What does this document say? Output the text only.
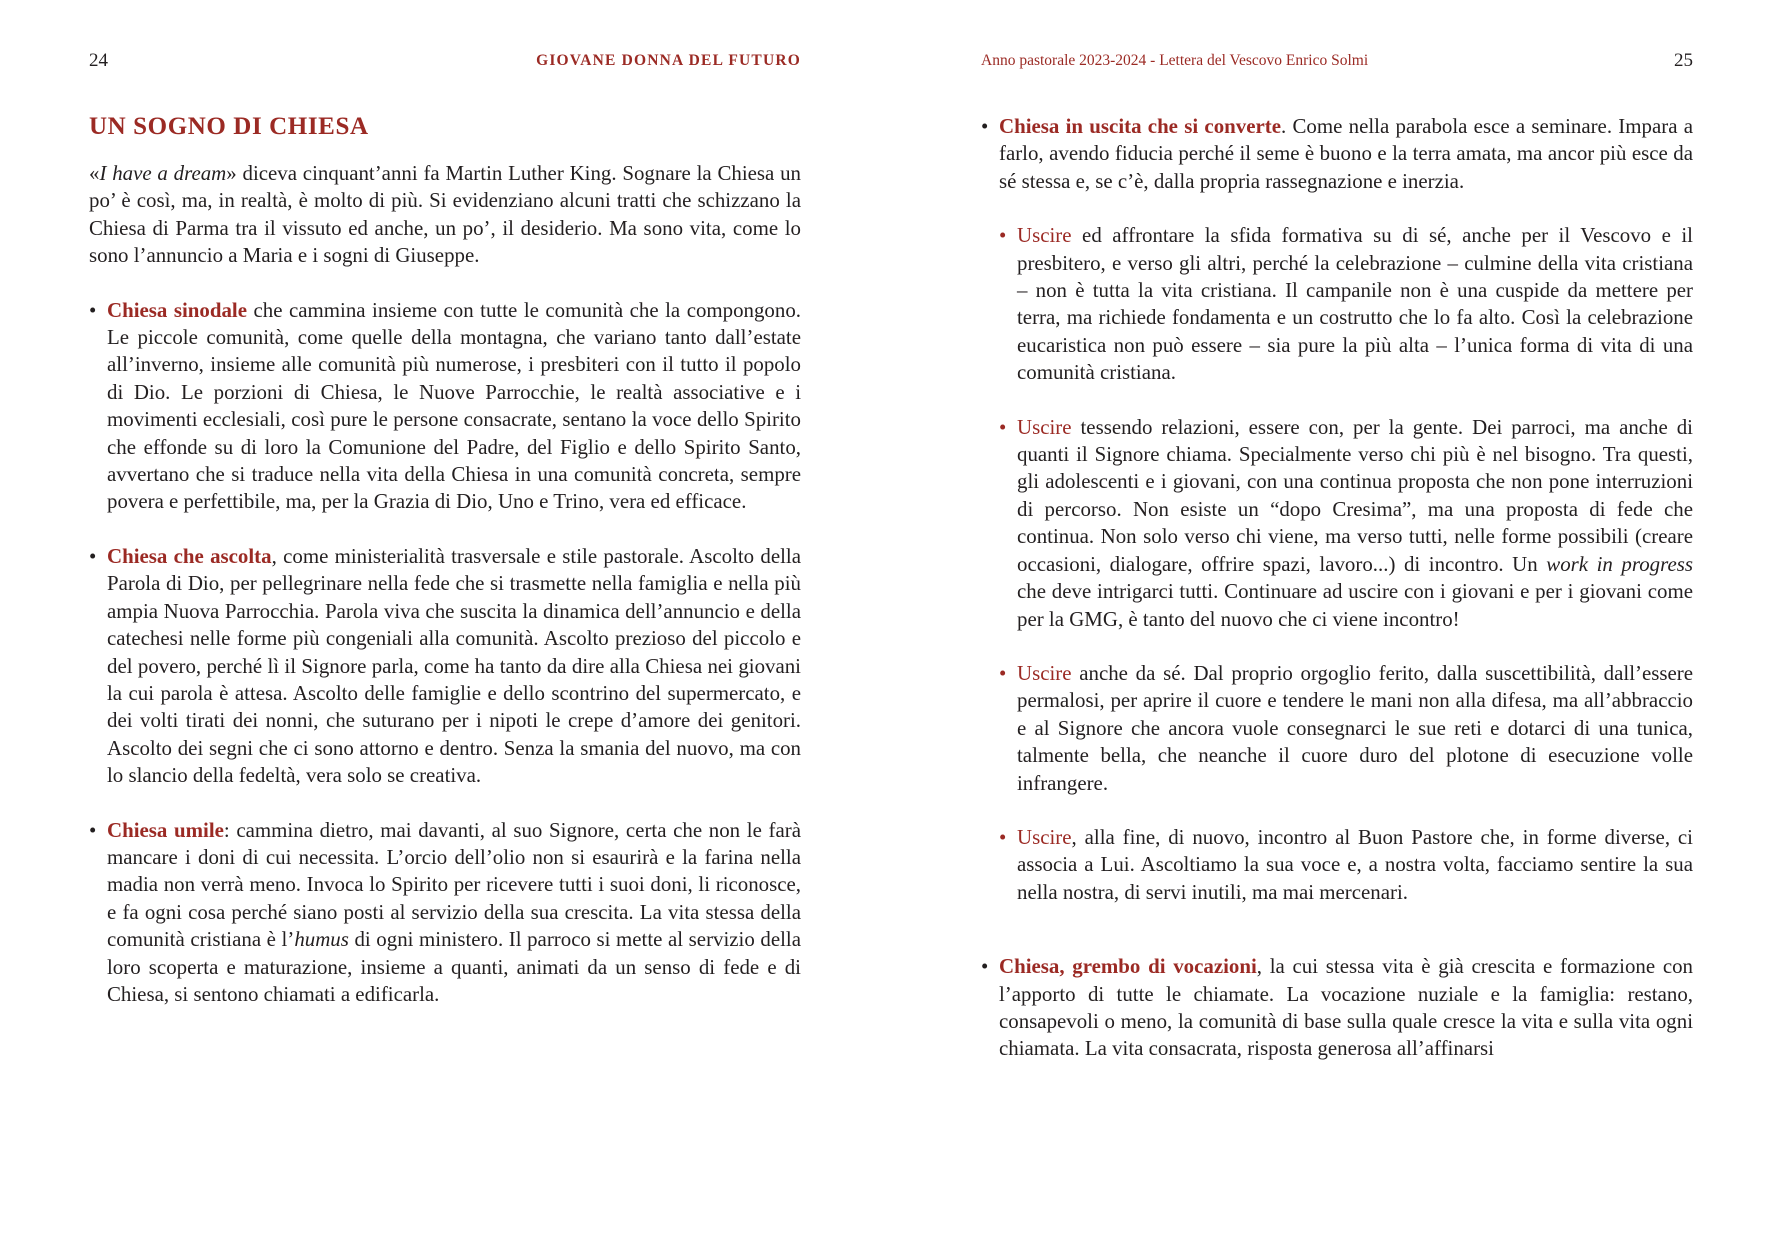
24	GIOVANE DONNA DEL FUTURO
UN SOGNO DI CHIESA

«I have a dream» diceva cinquant’anni fa Martin Luther King. Sognare la Chiesa un po’ è così, ma, in realtà, è molto di più. Si evidenziano alcuni tratti che schizzano la Chiesa di Parma tra il vissuto ed anche, un po’, il desiderio. Ma sono vita, come lo sono l’annuncio a Maria e i sogni di Giuseppe.

• Chiesa sinodale che cammina insieme con tutte le comunità che la compongono. Le piccole comunità, come quelle della montagna, che variano tanto dall’estate all’inverno, insieme alle comunità più numerose, i presbiteri con il tutto il popolo di Dio. Le porzioni di Chiesa, le Nuove Parrocchie, le realtà associative e i movimenti ecclesiali, così pure le persone consacrate, sentano la voce dello Spirito che effonde su di loro la Comunione del Padre, del Figlio e dello Spirito Santo, avvertano che si traduce nella vita della Chiesa in una comunità concreta, sempre povera e perfettibile, ma, per la Grazia di Dio, Uno e Trino, vera ed efficace.
• Chiesa che ascolta, come ministerialità trasversale e stile pastorale. Ascolto della Parola di Dio, per pellegrinare nella fede che si trasmette nella famiglia e nella più ampia Nuova Parrocchia. Parola viva che suscita la dinamica dell’annuncio e della catechesi nelle forme più congeniali alla comunità. Ascolto prezioso del piccolo e del povero, perché lì il Signore parla, come ha tanto da dire alla Chiesa nei giovani la cui parola è attesa. Ascolto delle famiglie e dello scontrino del supermercato, e dei volti tirati dei nonni, che suturano per i nipoti le crepe d’amore dei genitori. Ascolto dei segni che ci sono attorno e dentro. Senza la smania del nuovo, ma con lo slancio della fedeltà, vera solo se creativa.
• Chiesa umile: cammina dietro, mai davanti, al suo Signore, certa che non le farà mancare i doni di cui necessita. L’orcio dell’olio non si esaurirà e la farina nella madia non verrà meno. Invoca lo Spirito per ricevere tutti i suoi doni, li riconosce, e fa ogni cosa perché siano posti al servizio della sua crescita. La vita stessa della comunità cristiana è l’humus di ogni ministero. Il parroco si mette al servizio della loro scoperta e maturazione, insieme a quanti, animati da un senso di fede e di Chiesa, si sentono chiamati a edificarla.
Anno pastorale 2023-2024 - Lettera del Vescovo Enrico Solmi	25
• Chiesa in uscita che si converte. Come nella parabola esce a seminare. Impara a farlo, avendo fiducia perché il seme è buono e la terra amata, ma ancor più esce da sé stessa e, se c’è, dalla propria rassegnazione e inerzia.
• Uscire ed affrontare la sfida formativa su di sé, anche per il Vescovo e il presbitero, e verso gli altri, perché la celebrazione – culmine della vita cristiana – non è tutta la vita cristiana. Il campanile non è una cuspide da mettere per terra, ma richiede fondamenta e un costrutto che lo fa alto. Così la celebrazione eucaristica non può essere – sia pure la più alta – l’unica forma di vita di una comunità cristiana.
• Uscire tessendo relazioni, essere con, per la gente. Dei parroci, ma anche di quanti il Signore chiama. Specialmente verso chi più è nel bisogno. Tra questi, gli adolescenti e i giovani, con una continua proposta che non pone interruzioni di percorso. Non esiste un “dopo Cresima”, ma una proposta di fede che continua. Non solo verso chi viene, ma verso tutti, nelle forme possibili (creare occasioni, dialogare, offrire spazi, lavoro...) di incontro. Un work in progress che deve intrigarci tutti. Continuare ad uscire con i giovani e per i giovani come per la GMG, è tanto del nuovo che ci viene incontro!
• Uscire anche da sé. Dal proprio orgoglio ferito, dalla suscettibilità, dall’essere permalosi, per aprire il cuore e tendere le mani non alla difesa, ma all’abbraccio e al Signore che ancora vuole consegnarci le sue reti e dotarci di una tunica, talmente bella, che neanche il cuore duro del plotone di esecuzione volle infrangere.
• Uscire, alla fine, di nuovo, incontro al Buon Pastore che, in forme diverse, ci associa a Lui. Ascoltiamo la sua voce e, a nostra volta, facciamo sentire la sua nella nostra, di servi inutili, ma mai mercenari.
• Chiesa, grembo di vocazioni, la cui stessa vita è già crescita e formazione con l’apporto di tutte le chiamate. La vocazione nuziale e la famiglia: restano, consapevoli o meno, la comunità di base sulla quale cresce la vita e sulla vita ogni chiamata. La vita consacrata, risposta generosa all’affinarsi
